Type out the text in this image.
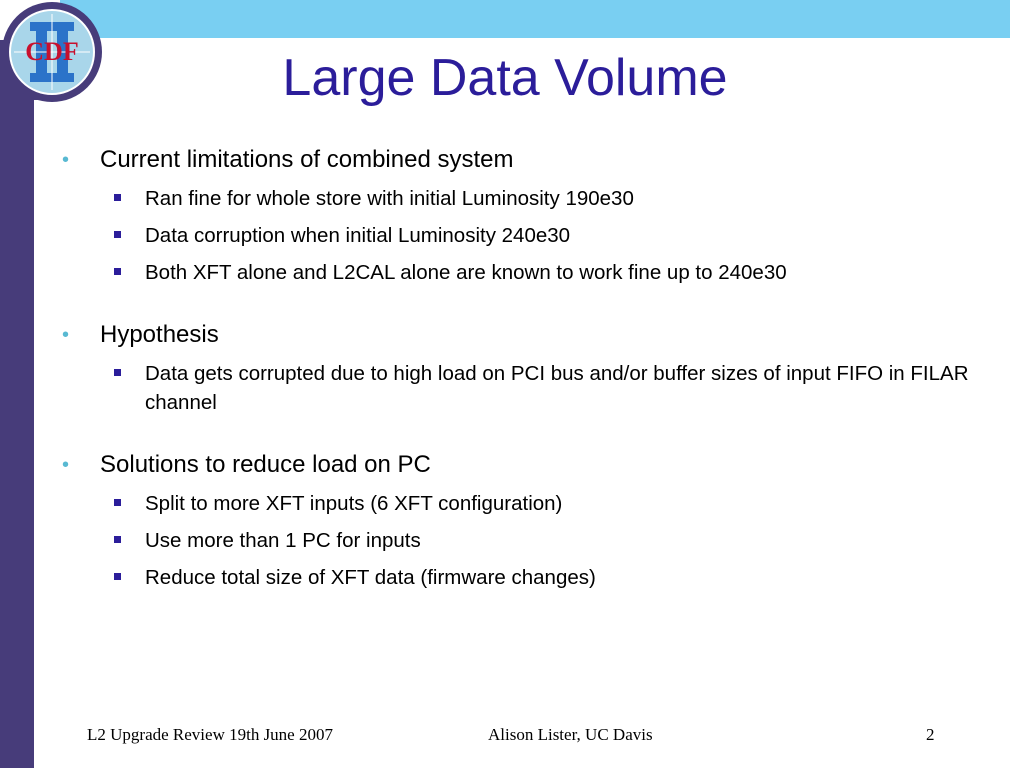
CDF	Large Data Volume
• Current limitations of combined system
Ran fine for whole store with initial Luminosity 190e30
Data corruption when initial Luminosity 240e30
Both XFT alone and L2CAL alone are known to work fine up to 240e30
• Hypothesis
Data gets corrupted due to high load on PCI bus and/or buffer sizes of input FIFO in FILAR channel
• Solutions to reduce load on PC
Split to more XFT inputs (6 XFT configuration)
Use more than 1 PC for inputs
Reduce total size of XFT data (firmware changes)
L2 Upgrade Review 19th June 2007	Alison Lister, UC Davis	2
